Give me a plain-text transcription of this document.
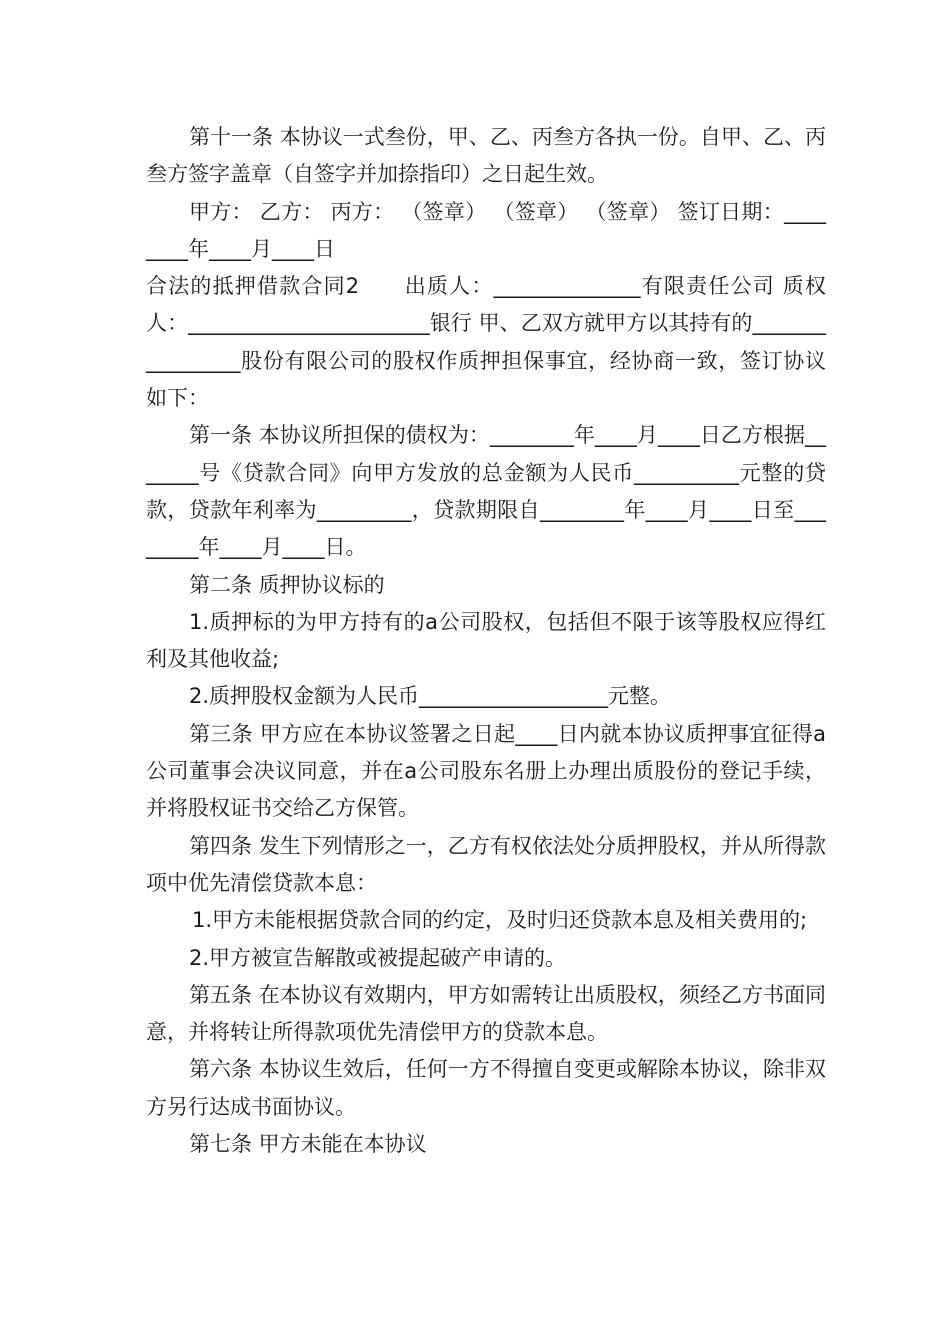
第十一条 本协议一式叁份，甲、乙、丙叁方各执一份。自甲、乙、丙叁方签字盖章（自签字并加捺指印）之日起生效。

甲方： 乙方： 丙方： （签章） （签章） （签章） 签订日期：________年____月____日

合法的抵押借款合同2　　出质人：______________有限责任公司 质权人：_______________________银行 甲、乙双方就甲方以其持有的________________股份有限公司的股权作质押担保事宜，经协商一致，签订协议如下：

第一条 本协议所担保的债权为：________年____月____日乙方根据_______号《贷款合同》向甲方发放的总金额为人民币__________元整的贷款，贷款年利率为_________，贷款期限自________年____月____日至________年____月____日。

第二条 质押协议标的

1.质押标的为甲方持有的a公司股权，包括但不限于该等股权应得红利及其他收益;

2.质押股权金额为人民币__________________元整。

第三条 甲方应在本协议签署之日起____日内就本协议质押事宜征得a公司董事会决议同意，并在a公司股东名册上办理出质股份的登记手续，并将股权证书交给乙方保管。

第四条 发生下列情形之一，乙方有权依法处分质押股权，并从所得款项中优先清偿贷款本息：

1.甲方未能根据贷款合同的约定，及时归还贷款本息及相关费用的;

2.甲方被宣告解散或被提起破产申请的。

第五条 在本协议有效期内，甲方如需转让出质股权，须经乙方书面同意，并将转让所得款项优先清偿甲方的贷款本息。

第六条 本协议生效后，任何一方不得擅自变更或解除本协议，除非双方另行达成书面协议。

第七条 甲方未能在本协议
